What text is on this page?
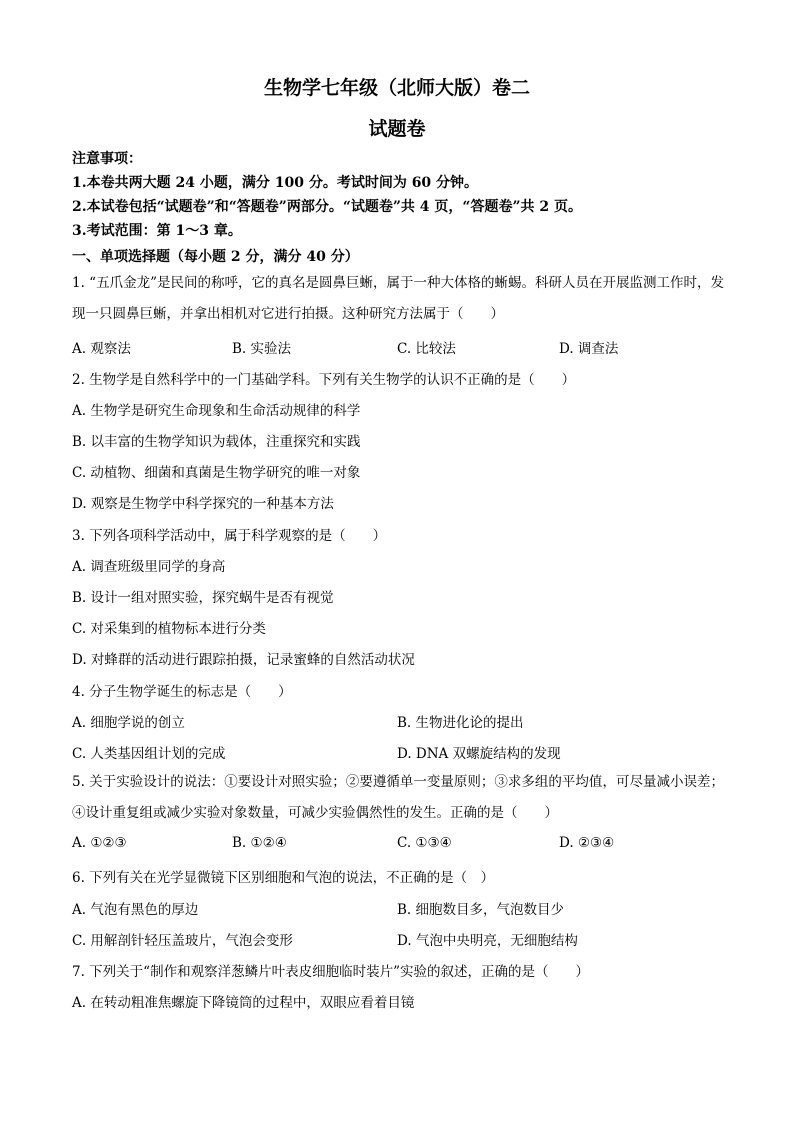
生物学七年级（北师大版）卷二
试题卷
注意事项：
1.本卷共两大题 24 小题，满分 100 分。考试时间为 60 分钟。
2.本试卷包括“试题卷”和“答题卷”两部分。“试题卷”共 4 页，“答题卷”共 2 页。
3.考试范围：第 1～3 章。
一、单项选择题（每小题 2 分，满分 40 分）
1. “五爪金龙”是民间的称呼，它的真名是圆鼻巨蜥，属于一种大体格的蜥蜴。科研人员在开展监测工作时，发现一只圆鼻巨蜥，并拿出相机对它进行拍摄。这种研究方法属于（　　）
A. 观察法	B. 实验法	C. 比较法	D. 调查法
2. 生物学是自然科学中的一门基础学科。下列有关生物学的认识不正确的是（　　）
A. 生物学是研究生命现象和生命活动规律的科学
B. 以丰富的生物学知识为载体，注重探究和实践
C. 动植物、细菌和真菌是生物学研究的唯一对象
D. 观察是生物学中科学探究的一种基本方法
3. 下列各项科学活动中，属于科学观察的是（　　）
A. 调查班级里同学的身高
B. 设计一组对照实验，探究蜗牛是否有视觉
C. 对采集到的植物标本进行分类
D. 对蜂群的活动进行跟踪拍摄，记录蜜蜂的自然活动状况
4. 分子生物学诞生的标志是（　　）
A. 细胞学说的创立	B. 生物进化论的提出
C. 人类基因组计划的完成	D. DNA 双螺旋结构的发现
5. 关于实验设计的说法：①要设计对照实验；②要遵循单一变量原则；③求多组的平均值，可尽量减小误差；④设计重复组或减少实验对象数量，可减少实验偶然性的发生。正确的是（　　）
A. ①②③	B. ①②④	C. ①③④	D. ②③④
6. 下列有关在光学显微镜下区别细胞和气泡的说法，不正确的是（　）
A. 气泡有黑色的厚边	B. 细胞数目多，气泡数目少
C. 用解剖针轻压盖玻片，气泡会变形	D. 气泡中央明亮，无细胞结构
7. 下列关于“制作和观察洋葱鳞片叶表皮细胞临时装片”实验的叙述，正确的是（　　）
A. 在转动粗准焦螺旋下降镜筒的过程中，双眼应看着目镜
